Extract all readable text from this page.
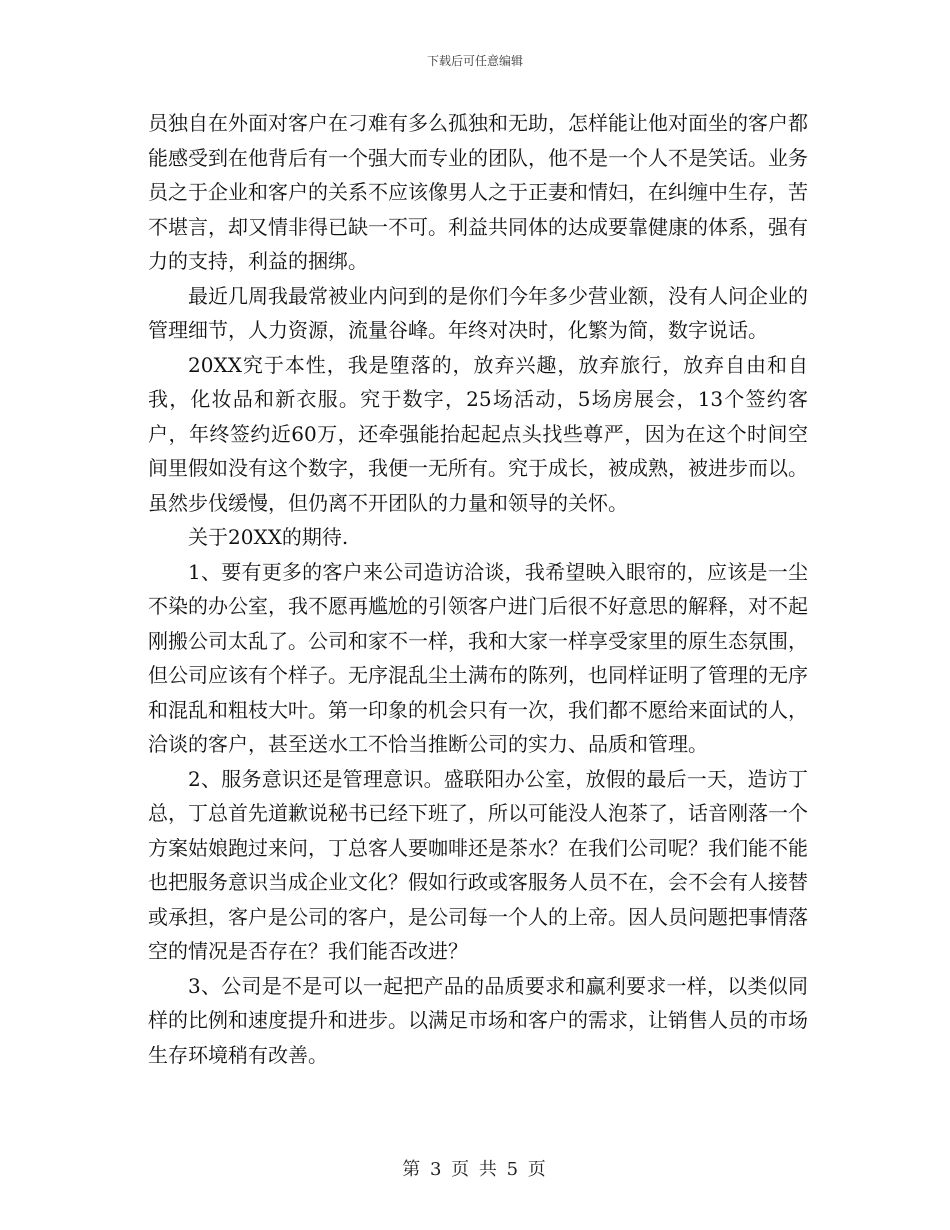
下载后可任意编辑

员独自在外面对客户在刁难有多么孤独和无助，怎样能让他对面坐的客户都能感受到在他背后有一个强大而专业的团队，他不是一个人不是笑话。业务员之于企业和客户的关系不应该像男人之于正妻和情妇，在纠缠中生存，苦不堪言，却又情非得已缺一不可。利益共同体的达成要靠健康的体系，强有力的支持，利益的捆绑。

最近几周我最常被业内问到的是你们今年多少营业额，没有人问企业的管理细节，人力资源，流量谷峰。年终对决时，化繁为简，数字说话。

20XX究于本性，我是堕落的，放弃兴趣，放弃旅行，放弃自由和自我，化妆品和新衣服。究于数字，25场活动，5场房展会，13个签约客户，年终签约近60万，还牵强能抬起起点头找些尊严，因为在这个时间空间里假如没有这个数字，我便一无所有。究于成长，被成熟，被进步而以。虽然步伐缓慢，但仍离不开团队的力量和领导的关怀。

关于20XX的期待.

1、要有更多的客户来公司造访洽谈，我希望映入眼帘的，应该是一尘不染的办公室，我不愿再尴尬的引领客户进门后很不好意思的解释，对不起刚搬公司太乱了。公司和家不一样，我和大家一样享受家里的原生态氛围，但公司应该有个样子。无序混乱尘土满布的陈列，也同样证明了管理的无序和混乱和粗枝大叶。第一印象的机会只有一次，我们都不愿给来面试的人，洽谈的客户，甚至送水工不恰当推断公司的实力、品质和管理。

2、服务意识还是管理意识。盛联阳办公室，放假的最后一天，造访丁总，丁总首先道歉说秘书已经下班了，所以可能没人泡茶了，话音刚落一个方案姑娘跑过来问，丁总客人要咖啡还是茶水？在我们公司呢？我们能不能也把服务意识当成企业文化？假如行政或客服务人员不在，会不会有人接替或承担，客户是公司的客户，是公司每一个人的上帝。因人员问题把事情落空的情况是否存在？我们能否改进？

3、公司是不是可以一起把产品的品质要求和赢利要求一样，以类似同样的比例和速度提升和进步。以满足市场和客户的需求，让销售人员的市场生存环境稍有改善。

第 3 页 共 5 页
